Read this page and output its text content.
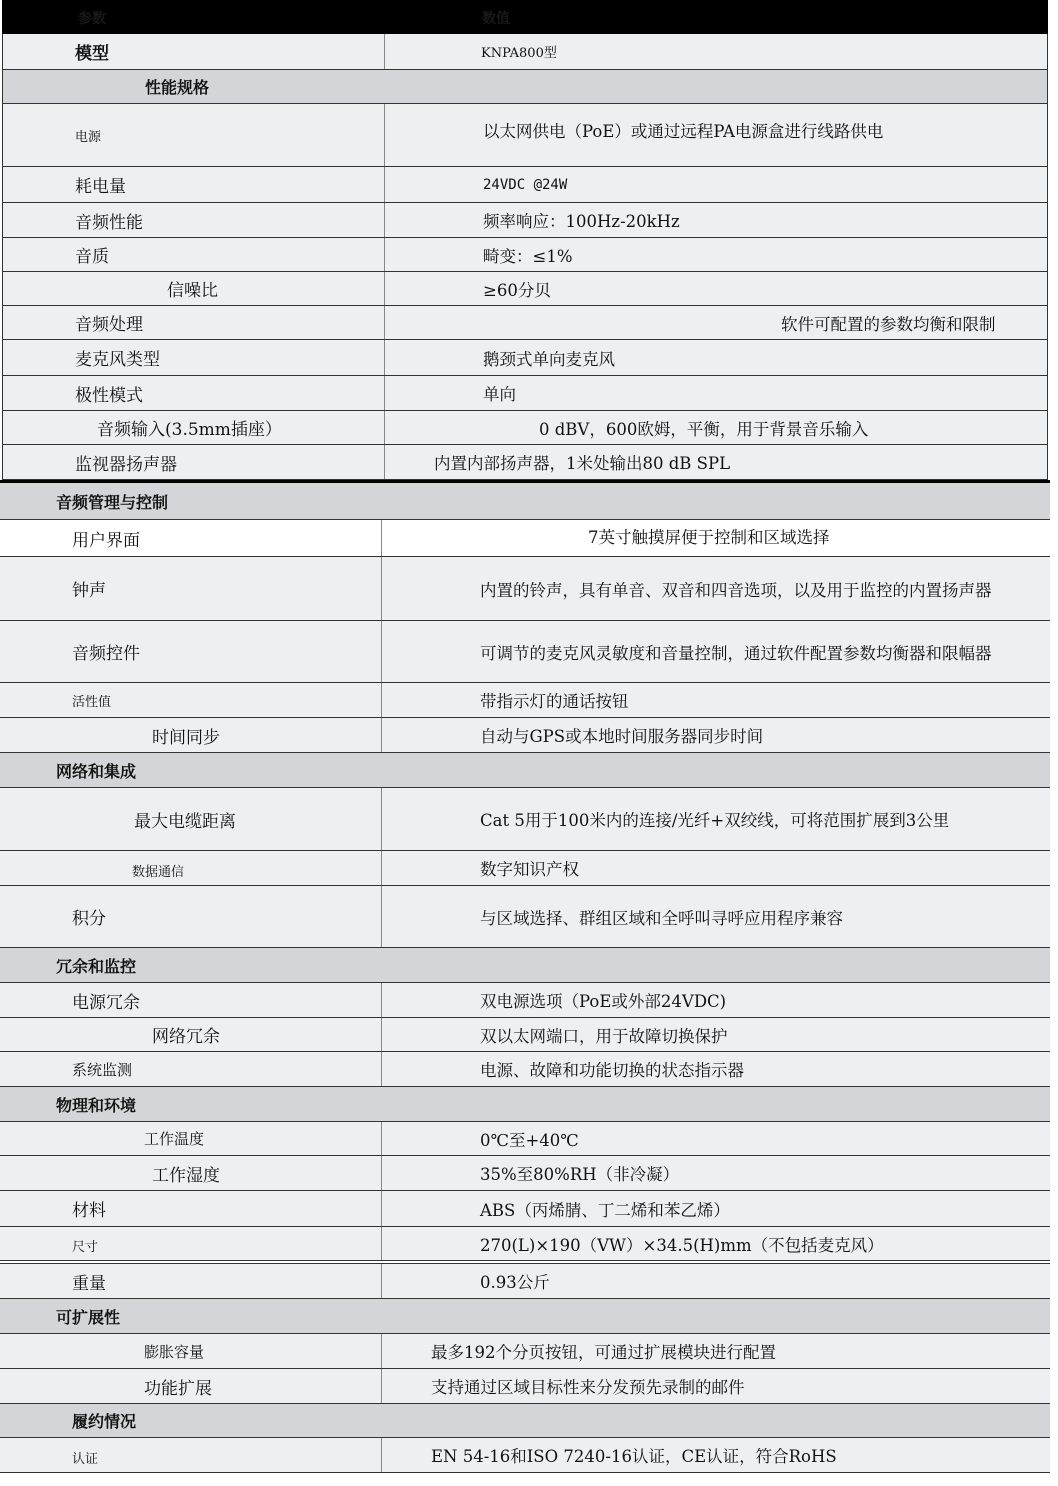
参数	数值
模型	KNPA800型
性能规格
电源	以太网供电（PoE）或通过远程PA电源盒进行线路供电
耗电量	24VDC @24W
音频性能	频率响应：100Hz-20kHz
音质	畸变：≤1%
信噪比	≥60分贝
音频处理	软件可配置的参数均衡和限制
麦克风类型	鹅颈式单向麦克风
极性模式	单向
音频输入(3.5mm插座）	0 dBV，600欧姆，平衡，用于背景音乐输入
监视器扬声器	内置内部扬声器，1米处输出80 dB SPL
音频管理与控制
用户界面	7英寸触摸屏便于控制和区域选择
钟声	内置的铃声，具有单音、双音和四音选项，以及用于监控的内置扬声器
音频控件	可调节的麦克风灵敏度和音量控制，通过软件配置参数均衡器和限幅器
活性值	带指示灯的通话按钮
时间同步	自动与GPS或本地时间服务器同步时间
网络和集成
最大电缆距离	Cat 5用于100米内的连接/光纤+双绞线，可将范围扩展到3公里
数据通信	数字知识产权
积分	与区域选择、群组区域和全呼叫寻呼应用程序兼容
冗余和监控
电源冗余	双电源选项（PoE或外部24VDC)
网络冗余	双以太网端口，用于故障切换保护
系统监测	电源、故障和功能切换的状态指示器
物理和环境
工作温度	0℃至+40℃
工作湿度	35%至80%RH（非冷凝）
材料	ABS（丙烯腈、丁二烯和苯乙烯）
尺寸	270(L)×190（VW）×34.5(H)mm（不包括麦克风）
重量	0.93公斤
可扩展性
膨胀容量	最多192个分页按钮，可通过扩展模块进行配置
功能扩展	支持通过区域目标性来分发预先录制的邮件
履约情况
认证	EN 54-16和ISO 7240-16认证，CE认证，符合RoHS
